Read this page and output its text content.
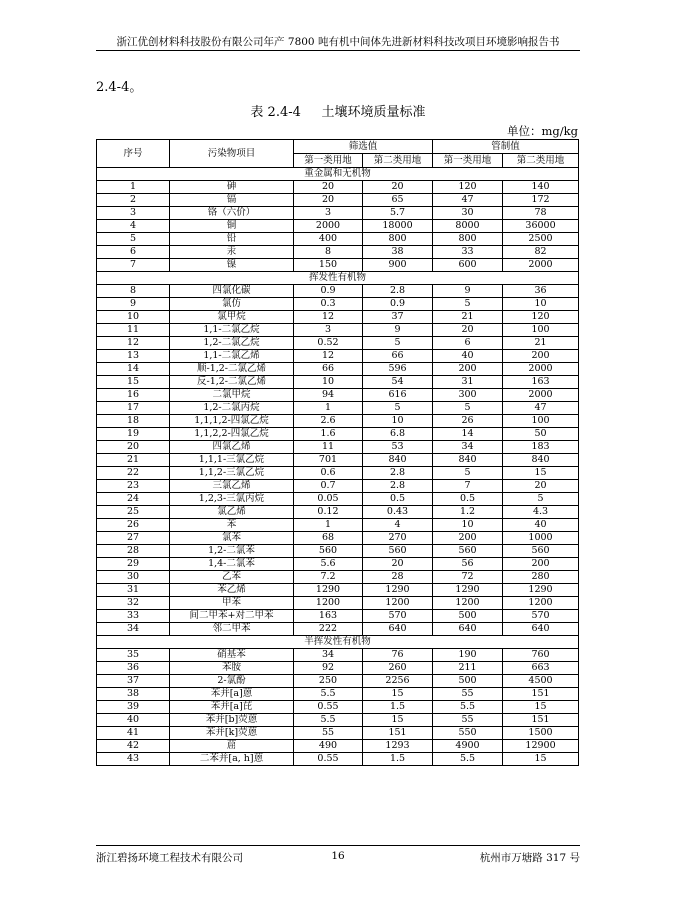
浙江优创材料科技股份有限公司年产 7800 吨有机中间体先进新材料科技改项目环境影响报告书
2.4-4。
表 2.4-4     土壤环境质量标准
单位：mg/kg
序号	污染物项目	筛选值		管制值	
		第一类用地	第二类用地	第一类用地	第二类用地
重金属和无机物					
1	砷	20	20	120	140
2	镉	20	65	47	172
3	铬（六价）	3	5.7	30	78
4	铜	2000	18000	8000	36000
5	铅	400	800	800	2500
6	汞	8	38	33	82
7	镍	150	900	600	2000
挥发性有机物					
8	四氯化碳	0.9	2.8	9	36
9	氯仿	0.3	0.9	5	10
10	氯甲烷	12	37	21	120
11	1,1-二氯乙烷	3	9	20	100
12	1,2-二氯乙烷	0.52	5	6	21
13	1,1-二氯乙烯	12	66	40	200
14	顺-1,2-二氯乙烯	66	596	200	2000
15	反-1,2-二氯乙烯	10	54	31	163
16	二氯甲烷	94	616	300	2000
17	1,2-二氯丙烷	1	5	5	47
18	1,1,1,2-四氯乙烷	2.6	10	26	100
19	1,1,2,2-四氯乙烷	1.6	6.8	14	50
20	四氯乙烯	11	53	34	183
21	1,1,1-三氯乙烷	701	840	840	840
22	1,1,2-三氯乙烷	0.6	2.8	5	15
23	三氯乙烯	0.7	2.8	7	20
24	1,2,3-三氯丙烷	0.05	0.5	0.5	5
25	氯乙烯	0.12	0.43	1.2	4.3
26	苯	1	4	10	40
27	氯苯	68	270	200	1000
28	1,2-二氯苯	560	560	560	560
29	1,4-二氯苯	5.6	20	56	200
30	乙苯	7.2	28	72	280
31	苯乙烯	1290	1290	1290	1290
32	甲苯	1200	1200	1200	1200
33	间二甲苯+对二甲苯	163	570	500	570
34	邻二甲苯	222	640	640	640
半挥发性有机物					
35	硝基苯	34	76	190	760
36	苯胺	92	260	211	663
37	2-氯酚	250	2256	500	4500
38	苯并[a]蒽	5.5	15	55	151
39	苯并[a]芘	0.55	1.5	5.5	15
40	苯并[b]荧蒽	5.5	15	55	151
41	苯并[k]荧蒽	55	151	550	1500
42	䓛	490	1293	4900	12900
43	二苯并[a, h]蒽	0.55	1.5	5.5	15
浙江碧扬环境工程技术有限公司	16	杭州市万塘路 317 号
